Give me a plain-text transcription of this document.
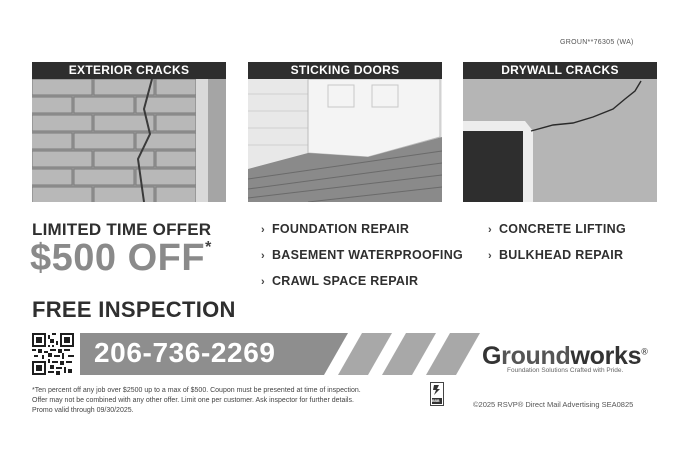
GROUN**76305 (WA)
EXTERIOR CRACKS	STICKING DOORS	DRYWALL CRACKS
LIMITED TIME OFFER
$500 OFF*
› FOUNDATION REPAIR
› BASEMENT WATERPROOFING
› CRAWL SPACE REPAIR
› CONCRETE LIFTING
› BULKHEAD REPAIR
FREE INSPECTION
206-736-2269	Groundworks®
Foundation Solutions Crafted with Pride.
*Ten percent off any job over $2500 up to a max of $500. Coupon must be presented at time of inspection.
Offer may not be combined with any other offer. Limit one per customer. Ask inspector for further details.
Promo valid through 09/30/2025.
BBB	©2025 RSVP® Direct Mail Advertising SEA0825
